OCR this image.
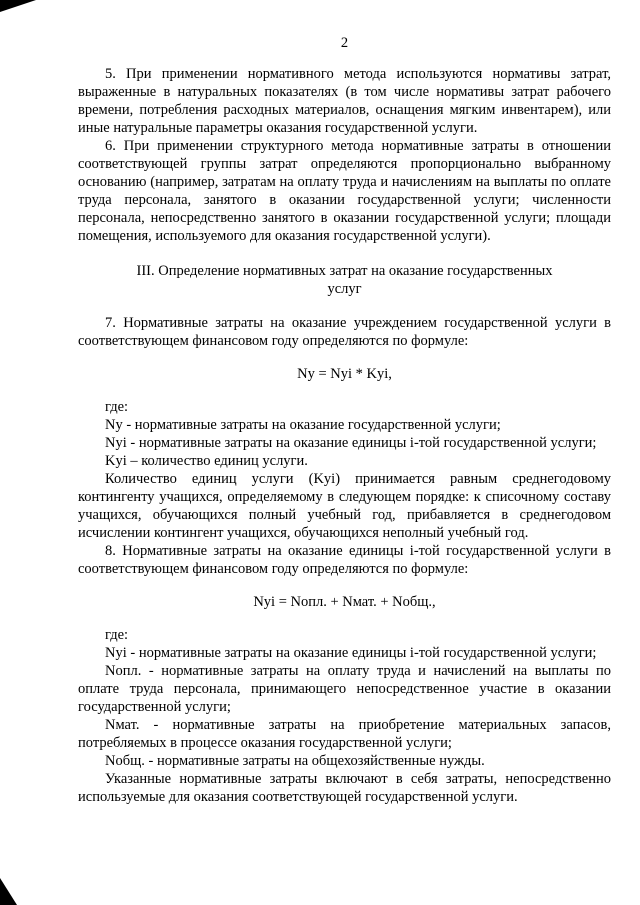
2

5. При применении нормативного метода используются нормативы затрат, выраженные в натуральных показателях (в том числе нормативы затрат рабочего времени, потребления расходных материалов, оснащения мягким инвентарем), или иные натуральные параметры оказания государственной услуги.

6. При применении структурного метода нормативные затраты в отношении соответствующей группы затрат определяются пропорционально выбранному основанию (например, затратам на оплату труда и начислениям на выплаты по оплате труда персонала, занятого в оказании государственной услуги; численности персонала, непосредственно занятого в оказании государственной услуги; площади помещения, используемого для оказания государственной услуги).

III. Определение нормативных затрат на оказание государственных услуг

7. Нормативные затраты на оказание учреждением государственной услуги в соответствующем финансовом году определяются по формуле:

Ny = Nyi * Kyi,

где:

Ny - нормативные затраты на оказание государственной услуги;

Nyi - нормативные затраты на оказание единицы i-той государственной услуги;

Kyi – количество единиц услуги.

Количество единиц услуги (Kyi) принимается равным среднегодовому контингенту учащихся, определяемому в следующем порядке: к списочному составу учащихся, обучающихся полный учебный год, прибавляется в среднегодовом исчислении контингент учащихся, обучающихся неполный учебный год.

8. Нормативные затраты на оказание единицы i-той государственной услуги в соответствующем финансовом году определяются по формуле:

Nyi = Nопл. + Nмат. + Nобщ.,

где:

Nyi - нормативные затраты на оказание единицы i-той государственной услуги;

Nопл. - нормативные затраты на оплату труда и начислений на выплаты по оплате труда персонала, принимающего непосредственное участие в оказании государственной услуги;

Nмат. - нормативные затраты на приобретение материальных запасов, потребляемых в процессе оказания государственной услуги;

Nобщ. - нормативные затраты на общехозяйственные нужды.

Указанные нормативные затраты включают в себя затраты, непосредственно используемые для оказания соответствующей государственной услуги.
